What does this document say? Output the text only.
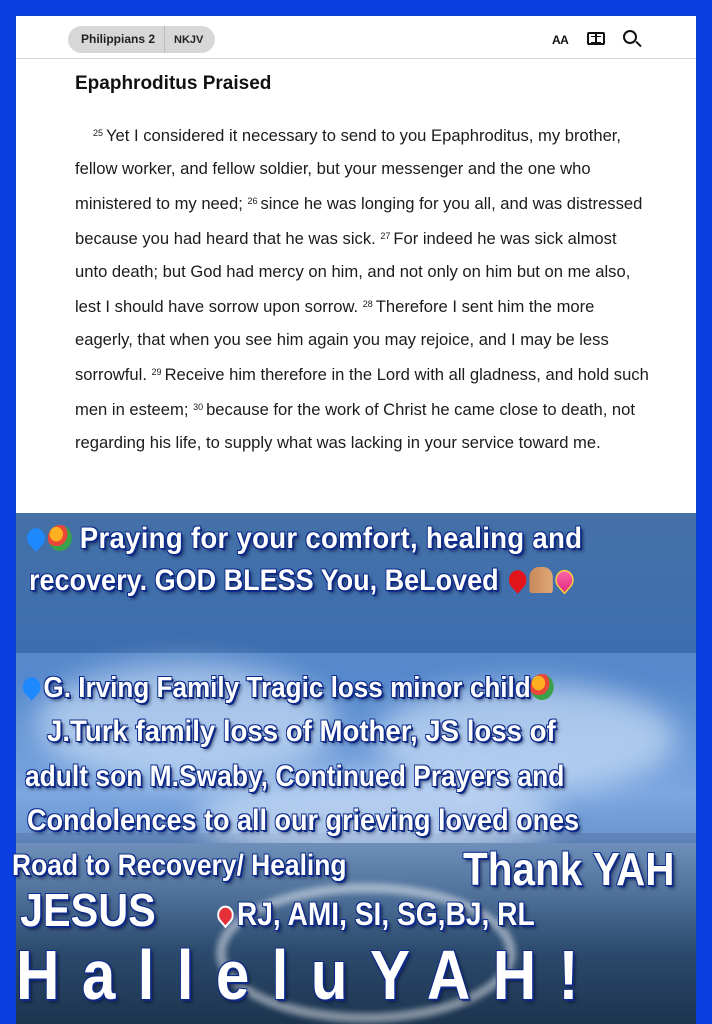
Philippians 2	NKJV	AA
Epaphroditus Praised
$^{25}$ Yet I considered it necessary to send to you Epaphroditus, my brother, fellow worker, and fellow soldier, but your messenger and the one who ministered to my need; $^{26}$ since he was longing for you all, and was distressed because you had heard that he was sick. $^{27}$ For indeed he was sick almost unto death; but God had mercy on him, and not only on him but on me also, lest I should have sorrow upon sorrow. $^{28}$ Therefore I sent him the more eagerly, that when you see him again you may rejoice, and I may be less sorrowful. $^{29}$ Receive him therefore in the Lord with all gladness, and hold such men in esteem; $^{30}$ because for the work of Christ he came close to death, not regarding his life, to supply what was lacking in your service toward me.
Praying for your comfort, healing and
recovery. GOD BLESS You, BeLoved
G. Irving Family Tragic loss minor child
J.Turk family loss of Mother, JS loss of
adult son M.Swaby, Continued Prayers and
Condolences to all our grieving loved ones
Road to Recovery/ Healing	Thank YAH
JESUS	RJ, AMI, SI, SG,BJ, RL
HalleluYAH!
